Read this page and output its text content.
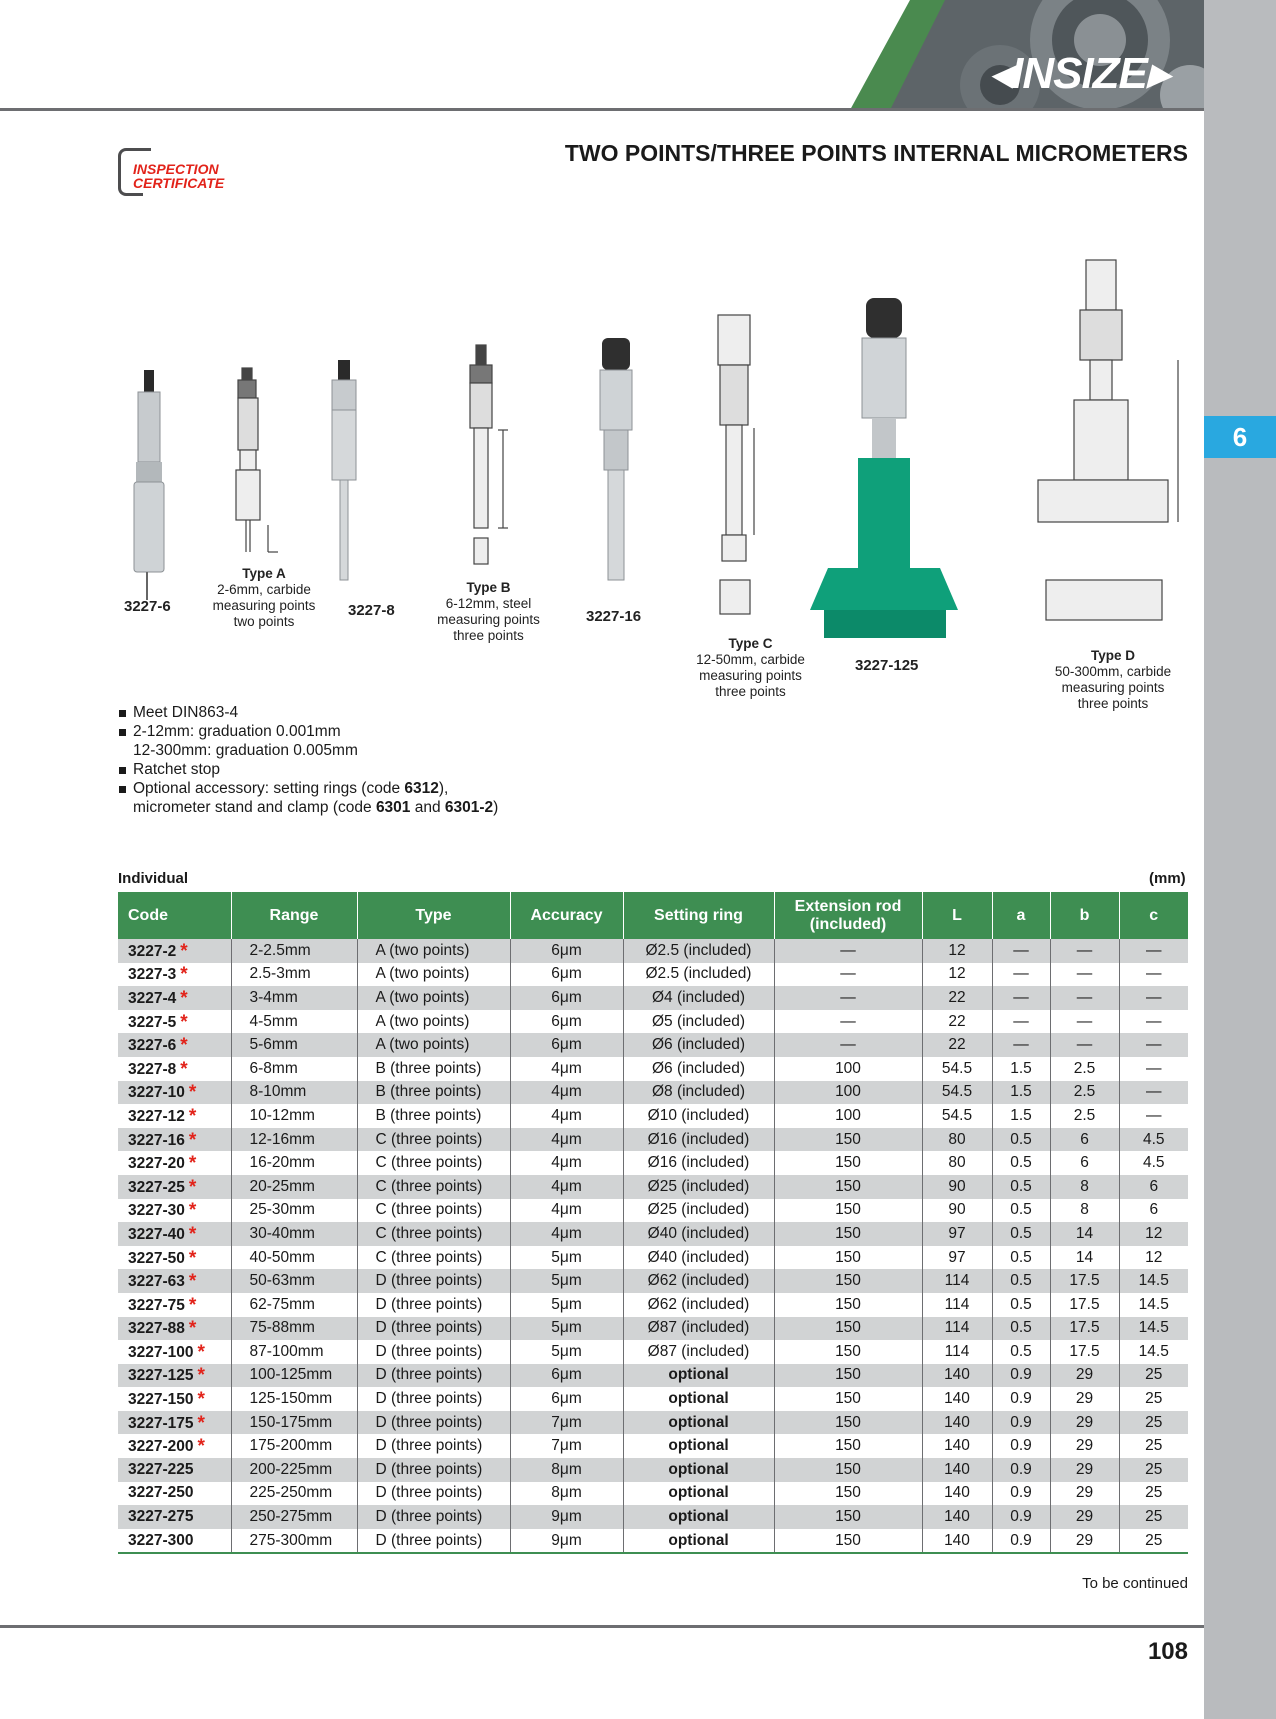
◂INSIZE▸
6
INSPECTION
CERTIFICATE
TWO POINTS/THREE POINTS INTERNAL MICROMETERS
3227-6	3227-8	3227-16
3227-125
Type A
2-6mm, carbide
measuring points
two points
Type B
6-12mm, steel
measuring points
three points
Type C
12-50mm, carbide
measuring points
three points
Type D
50-300mm, carbide
measuring points
three points
Meet DIN863-4
2-12mm: graduation 0.001mm
12-300mm: graduation 0.005mm
Ratchet stop
Optional accessory: setting rings (code 6312),
micrometer stand and clamp (code 6301 and 6301-2)
Individual	(mm)
Code	Range	Type	Accuracy	Setting ring	Extension rod
(included)	L	a	b	c
3227-2 *	2-2.5mm	A (two points)	6μm	Ø2.5 (included)	—	12	—	—	—
3227-3 *	2.5-3mm	A (two points)	6μm	Ø2.5 (included)	—	12	—	—	—
3227-4 *	3-4mm	A (two points)	6μm	Ø4 (included)	—	22	—	—	—
3227-5 *	4-5mm	A (two points)	6μm	Ø5 (included)	—	22	—	—	—
3227-6 *	5-6mm	A (two points)	6μm	Ø6 (included)	—	22	—	—	—
3227-8 *	6-8mm	B (three points)	4μm	Ø6 (included)	100	54.5	1.5	2.5	—
3227-10 *	8-10mm	B (three points)	4μm	Ø8 (included)	100	54.5	1.5	2.5	—
3227-12 *	10-12mm	B (three points)	4μm	Ø10 (included)	100	54.5	1.5	2.5	—
3227-16 *	12-16mm	C (three points)	4μm	Ø16 (included)	150	80	0.5	6	4.5
3227-20 *	16-20mm	C (three points)	4μm	Ø16 (included)	150	80	0.5	6	4.5
3227-25 *	20-25mm	C (three points)	4μm	Ø25 (included)	150	90	0.5	8	6
3227-30 *	25-30mm	C (three points)	4μm	Ø25 (included)	150	90	0.5	8	6
3227-40 *	30-40mm	C (three points)	4μm	Ø40 (included)	150	97	0.5	14	12
3227-50 *	40-50mm	C (three points)	5μm	Ø40 (included)	150	97	0.5	14	12
3227-63 *	50-63mm	D (three points)	5μm	Ø62 (included)	150	114	0.5	17.5	14.5
3227-75 *	62-75mm	D (three points)	5μm	Ø62 (included)	150	114	0.5	17.5	14.5
3227-88 *	75-88mm	D (three points)	5μm	Ø87 (included)	150	114	0.5	17.5	14.5
3227-100 *	87-100mm	D (three points)	5μm	Ø87 (included)	150	114	0.5	17.5	14.5
3227-125 *	100-125mm	D (three points)	6μm	optional	150	140	0.9	29	25
3227-150 *	125-150mm	D (three points)	6μm	optional	150	140	0.9	29	25
3227-175 *	150-175mm	D (three points)	7μm	optional	150	140	0.9	29	25
3227-200 *	175-200mm	D (three points)	7μm	optional	150	140	0.9	29	25
3227-225	200-225mm	D (three points)	8μm	optional	150	140	0.9	29	25
3227-250	225-250mm	D (three points)	8μm	optional	150	140	0.9	29	25
3227-275	250-275mm	D (three points)	9μm	optional	150	140	0.9	29	25
3227-300	275-300mm	D (three points)	9μm	optional	150	140	0.9	29	25
To be continued
108
